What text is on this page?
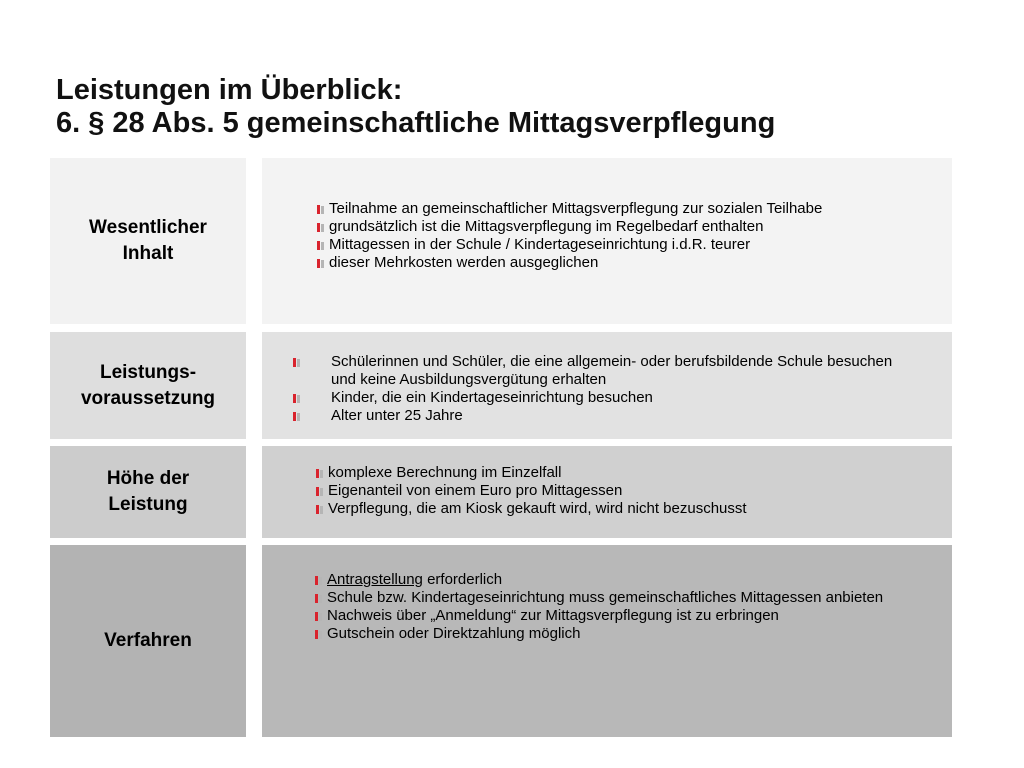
Leistungen im Überblick:
6. § 28 Abs. 5 gemeinschaftliche Mittagsverpflegung
Wesentlicher
Inhalt
Teilnahme an gemeinschaftlicher Mittagsverpflegung zur sozialen Teilhabe
grundsätzlich ist die Mittagsverpflegung im Regelbedarf enthalten
Mittagessen in der Schule / Kindertageseinrichtung i.d.R. teurer
dieser Mehrkosten werden ausgeglichen
Leistungs-
voraussetzung
Schülerinnen und Schüler, die eine allgemein- oder berufsbildende Schule besuchen und keine Ausbildungsvergütung erhalten
Kinder, die ein Kindertageseinrichtung besuchen
Alter unter 25 Jahre
Höhe der
Leistung
komplexe Berechnung im Einzelfall
Eigenanteil von einem Euro pro Mittagessen
Verpflegung, die am Kiosk gekauft wird, wird nicht bezuschusst
Verfahren
Antragstellung erforderlich
Schule bzw. Kindertageseinrichtung muss gemeinschaftliches Mittagessen anbieten
Nachweis über „Anmeldung“ zur Mittagsverpflegung ist zu erbringen
Gutschein oder Direktzahlung möglich
